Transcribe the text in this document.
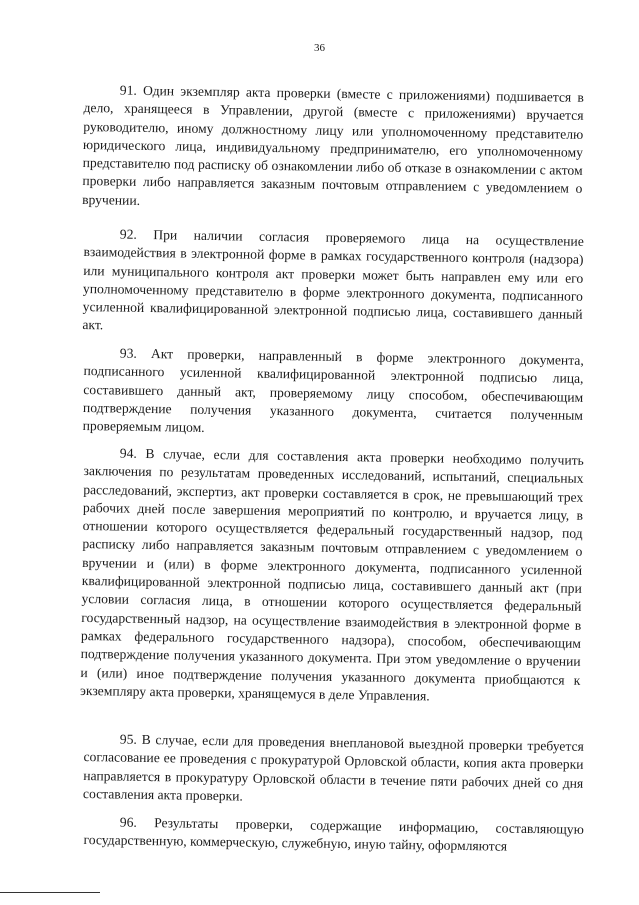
36

91. Один экземпляр акта проверки (вместе с приложениями) подшивается в дело, хранящееся в Управлении, другой (вместе с приложениями) вручается руководителю, иному должностному лицу или уполномоченному представителю юридического лица, индивидуальному предпринимателю, его уполномоченному представителю под расписку об ознакомлении либо об отказе в ознакомлении с актом проверки либо направляется заказным почтовым отправлением с уведомлением о вручении.

92. При наличии согласия проверяемого лица на осуществление взаимодействия в электронной форме в рамках государственного контроля (надзора) или муниципального контроля акт проверки может быть направлен ему или его уполномоченному представителю в форме электронного документа, подписанного усиленной квалифицированной электронной подписью лица, составившего данный акт.

93. Акт проверки, направленный в форме электронного документа, подписанного усиленной квалифицированной электронной подписью лица, составившего данный акт, проверяемому лицу способом, обеспечивающим подтверждение получения указанного документа, считается полученным проверяемым лицом.

94. В случае, если для составления акта проверки необходимо получить заключения по результатам проведенных исследований, испытаний, специальных расследований, экспертиз, акт проверки составляется в срок, не превышающий трех рабочих дней после завершения мероприятий по контролю, и вручается лицу, в отношении которого осуществляется федеральный государственный надзор, под расписку либо направляется заказным почтовым отправлением с уведомлением о вручении и (или) в форме электронного документа, подписанного усиленной квалифицированной электронной подписью лица, составившего данный акт (при условии согласия лица, в отношении которого осуществляется федеральный государственный надзор, на осуществление взаимодействия в электронной форме в рамках федерального государственного надзора), способом, обеспечивающим подтверждение получения указанного документа. При этом уведомление о вручении и (или) иное подтверждение получения указанного документа приобщаются к экземпляру акта проверки, хранящемуся в деле Управления.

95. В случае, если для проведения внеплановой выездной проверки требуется согласование ее проведения с прокуратурой Орловской области, копия акта проверки направляется в прокуратуру Орловской области в течение пяти рабочих дней со дня составления акта проверки.

96. Результаты проверки, содержащие информацию, составляющую государственную, коммерческую, служебную, иную тайну, оформляются
